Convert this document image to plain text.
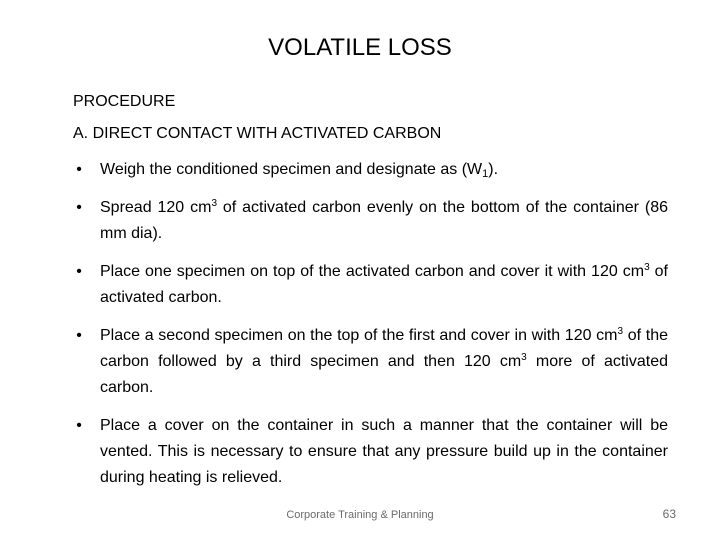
VOLATILE LOSS
PROCEDURE
A. DIRECT CONTACT WITH ACTIVATED CARBON
• Weigh the conditioned specimen and designate as $(W_1)$.
• Spread 120 $cm^3$ of activated carbon evenly on the bottom of the container (86 mm dia).
• Place one specimen on top of the activated carbon and cover it with 120 $cm^3$ of activated carbon.
• Place a second specimen on the top of the first and cover in with 120 $cm^3$ of the carbon followed by a third specimen and then 120 $cm^3$ more of activated carbon.
• Place a cover on the container in such a manner that the container will be vented. This is necessary to ensure that any pressure build up in the container during heating is relieved.
Corporate Training & Planning	63
